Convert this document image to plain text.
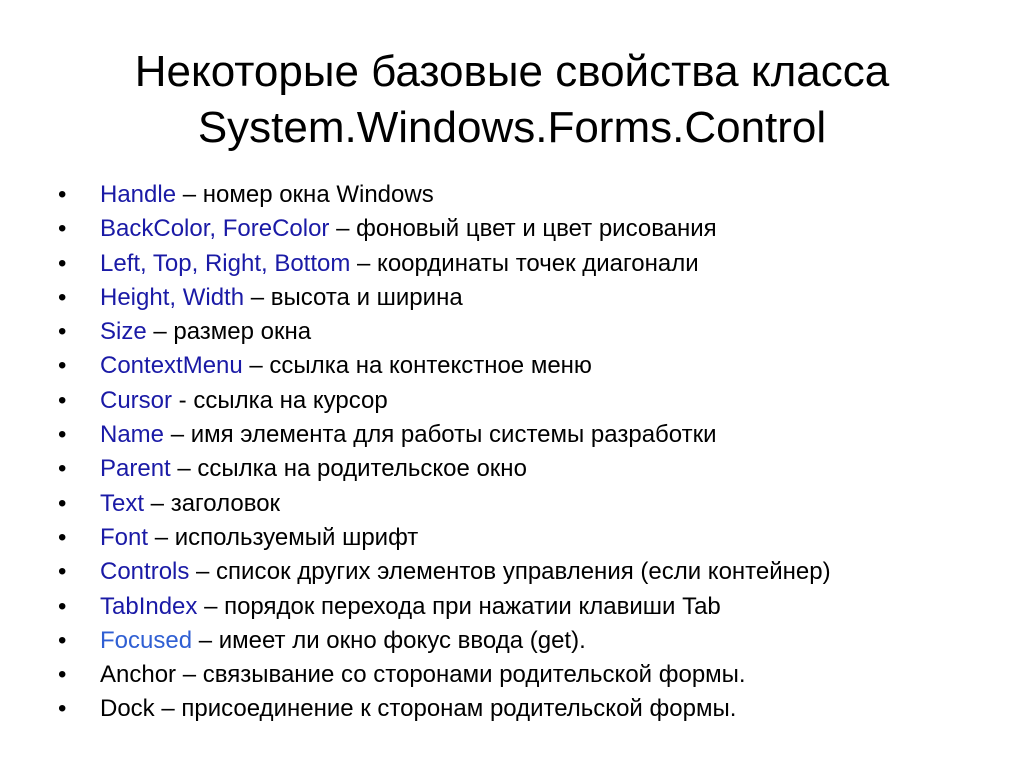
Некоторые базовые свойства класса
System.Windows.Forms.Control
• Handle – номер окна Windows
• BackColor, ForeColor – фоновый цвет и цвет рисования
• Left, Top, Right, Bottom – координаты точек диагонали
• Height, Width – высота и ширина
• Size – размер окна
• ContextMenu – ссылка на контекстное меню
• Cursor - ссылка на курсор
• Name – имя элемента для работы системы разработки
• Parent – ссылка на родительское окно
• Text – заголовок
• Font – используемый шрифт
• Controls – список других элементов управления (если контейнер)
• TabIndex – порядок перехода при нажатии клавиши Tab
• Focused – имеет ли окно фокус ввода (get).
• Anchor – связывание со сторонами родительской формы.
• Dock – присоединение к сторонам родительской формы.
